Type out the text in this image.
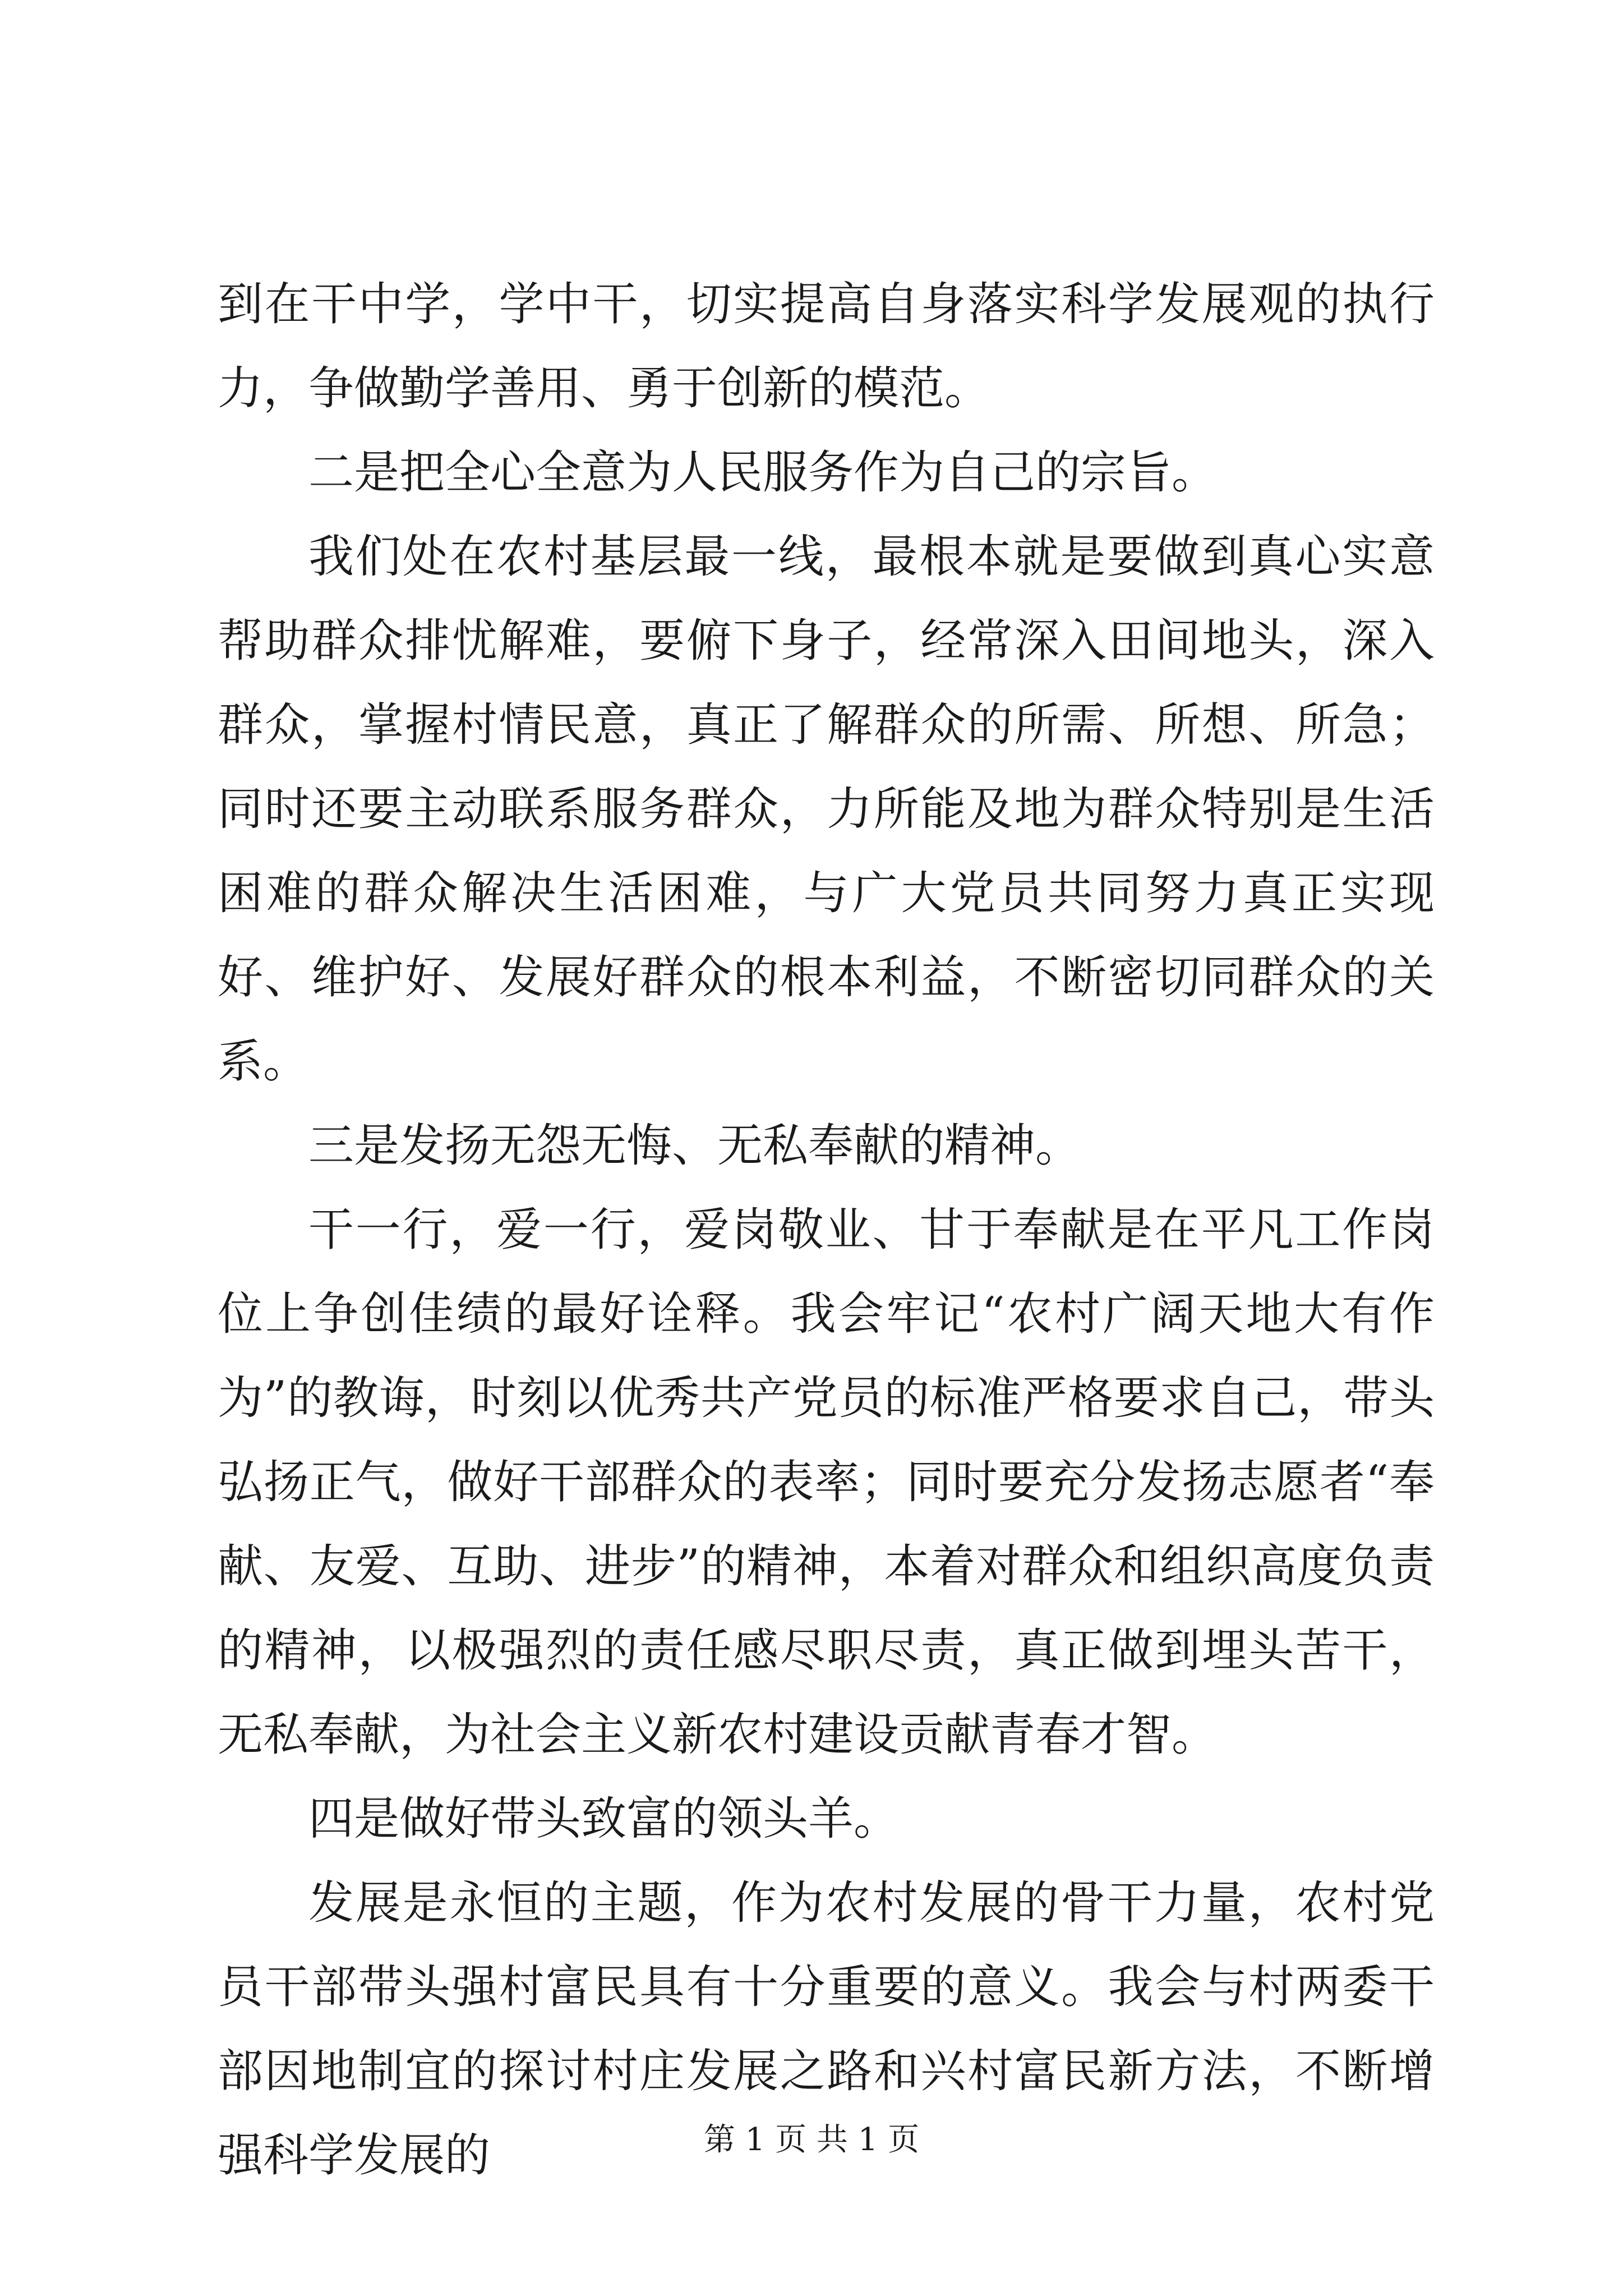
到在干中学，学中干，切实提高自身落实科学发展观的执行力，争做勤学善用、勇于创新的模范。

二是把全心全意为人民服务作为自己的宗旨。

我们处在农村基层最一线，最根本就是要做到真心实意帮助群众排忧解难，要俯下身子，经常深入田间地头，深入群众，掌握村情民意，真正了解群众的所需、所想、所急；同时还要主动联系服务群众，力所能及地为群众特别是生活困难的群众解决生活困难，与广大党员共同努力真正实现好、维护好、发展好群众的根本利益，不断密切同群众的关系。

三是发扬无怨无悔、无私奉献的精神。

干一行，爱一行，爱岗敬业、甘于奉献是在平凡工作岗位上争创佳绩的最好诠释。我会牢记“农村广阔天地大有作为”的教诲，时刻以优秀共产党员的标准严格要求自己，带头弘扬正气，做好干部群众的表率；同时要充分发扬志愿者“奉献、友爱、互助、进步”的精神，本着对群众和组织高度负责的精神，以极强烈的责任感尽职尽责，真正做到埋头苦干，无私奉献，为社会主义新农村建设贡献青春才智。

四是做好带头致富的领头羊。

发展是永恒的主题，作为农村发展的骨干力量，农村党员干部带头强村富民具有十分重要的意义。我会与村两委干部因地制宜的探讨村庄发展之路和兴村富民新方法，不断增强科学发展的	第 1 页 共 1 页
